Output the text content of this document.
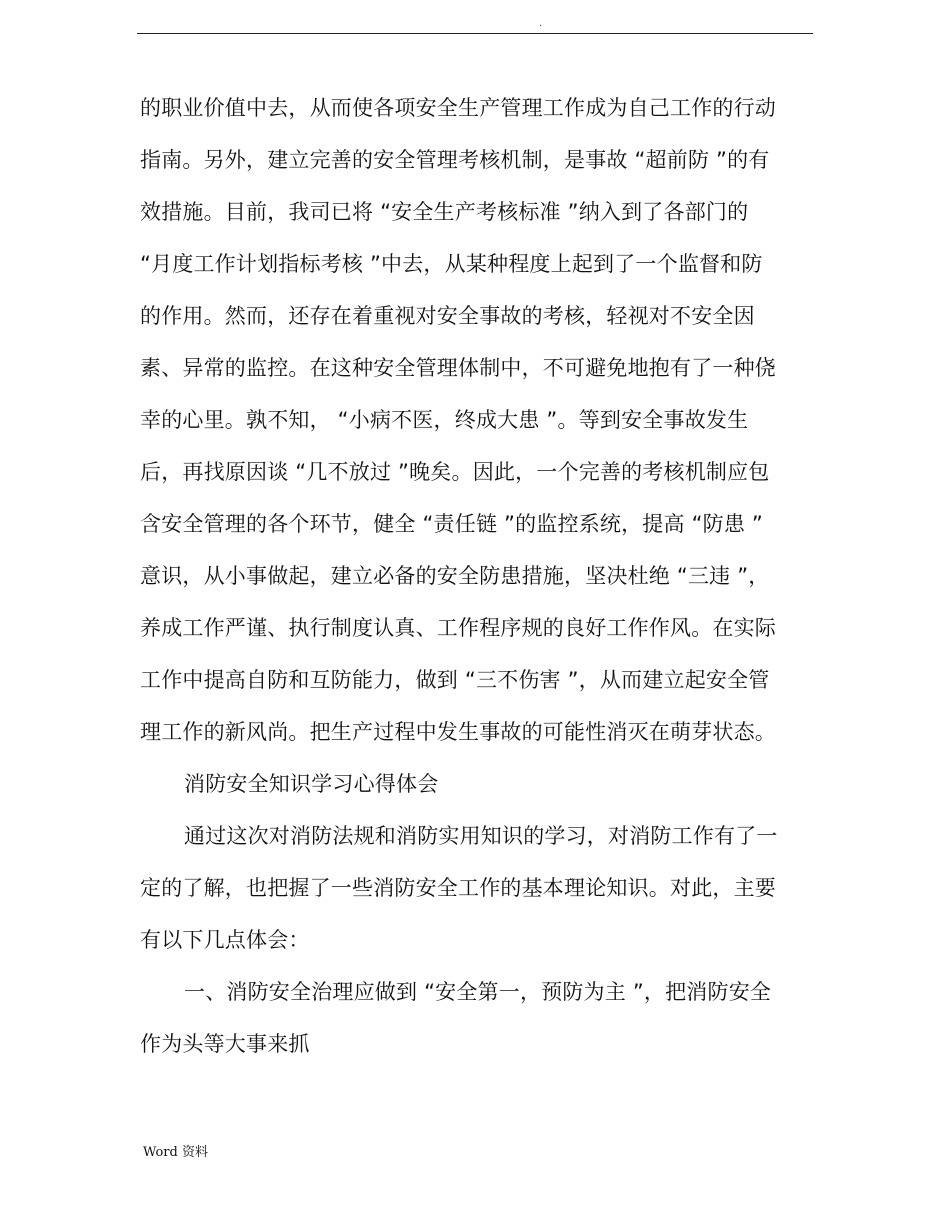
.
的职业价值中去，从而使各项安全生产管理工作成为自己工作的行动
指南。另外，建立完善的安全管理考核机制，是事故 “超前防 ”的有
效措施。目前，我司已将 “安全生产考核标准 ”纳入到了各部门的
“月度工作计划指标考核 ”中去，从某种程度上起到了一个监督和防
的作用。然而，还存在着重视对安全事故的考核，轻视对不安全因
素、异常的监控。在这种安全管理体制中，不可避免地抱有了一种侥
幸的心里。孰不知， “小病不医，终成大患 ”。等到安全事故发生
后，再找原因谈 “几不放过 ”晚矣。因此，一个完善的考核机制应包
含安全管理的各个环节，健全 “责任链 ”的监控系统，提高 “防患 ”
意识，从小事做起，建立必备的安全防患措施，坚决杜绝 “三违 ”，
养成工作严谨、执行制度认真、工作程序规的良好工作作风。在实际
工作中提高自防和互防能力，做到 “三不伤害 ”，从而建立起安全管
理工作的新风尚。把生产过程中发生事故的可能性消灭在萌芽状态。
消防安全知识学习心得体会
通过这次对消防法规和消防实用知识的学习，对消防工作有了一
定的了解，也把握了一些消防安全工作的基本理论知识。对此，主要
有以下几点体会：
一、消防安全治理应做到 “安全第一，预防为主 ”，把消防安全
作为头等大事来抓
Word 资料
